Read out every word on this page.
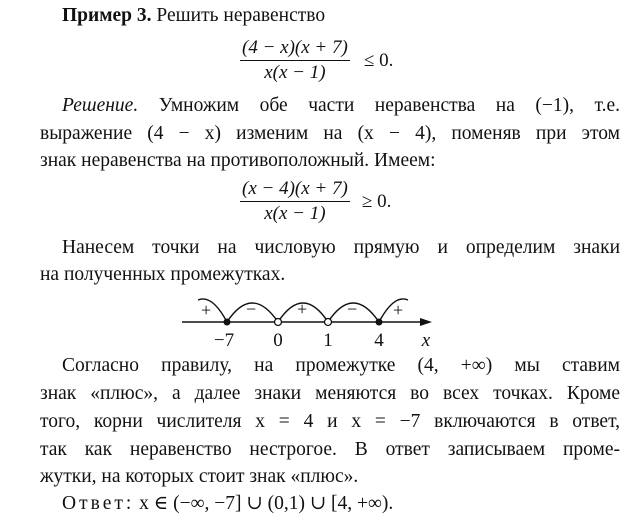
Пример 3. Решить неравенство
(4 − x)(x + 7)
x(x − 1)
≤ 0.
Решение. Умножим обе части неравенства на (−1), т.е.
выражение (4 − x) изменим на (x − 4), поменяв при этом
знак неравенства на противоположный. Имеем:
(x − 4)(x + 7)
x(x − 1)
≥ 0.
Нанесем точки на числовую прямую и определим знаки
на полученных промежутках.
+ − + − +
−7 0 1 4 x
Согласно правилу, на промежутке (4, +∞) мы ставим
знак «плюс», а далее знаки меняются во всех точках. Кроме
того, корни числителя x = 4 и x = −7 включаются в ответ,
так как неравенство нестрогое. В ответ записываем проме-
жутки, на которых стоит знак «плюс».
Ответ: x ∈ (−∞, −7] ∪ (0,1) ∪ [4, +∞).
